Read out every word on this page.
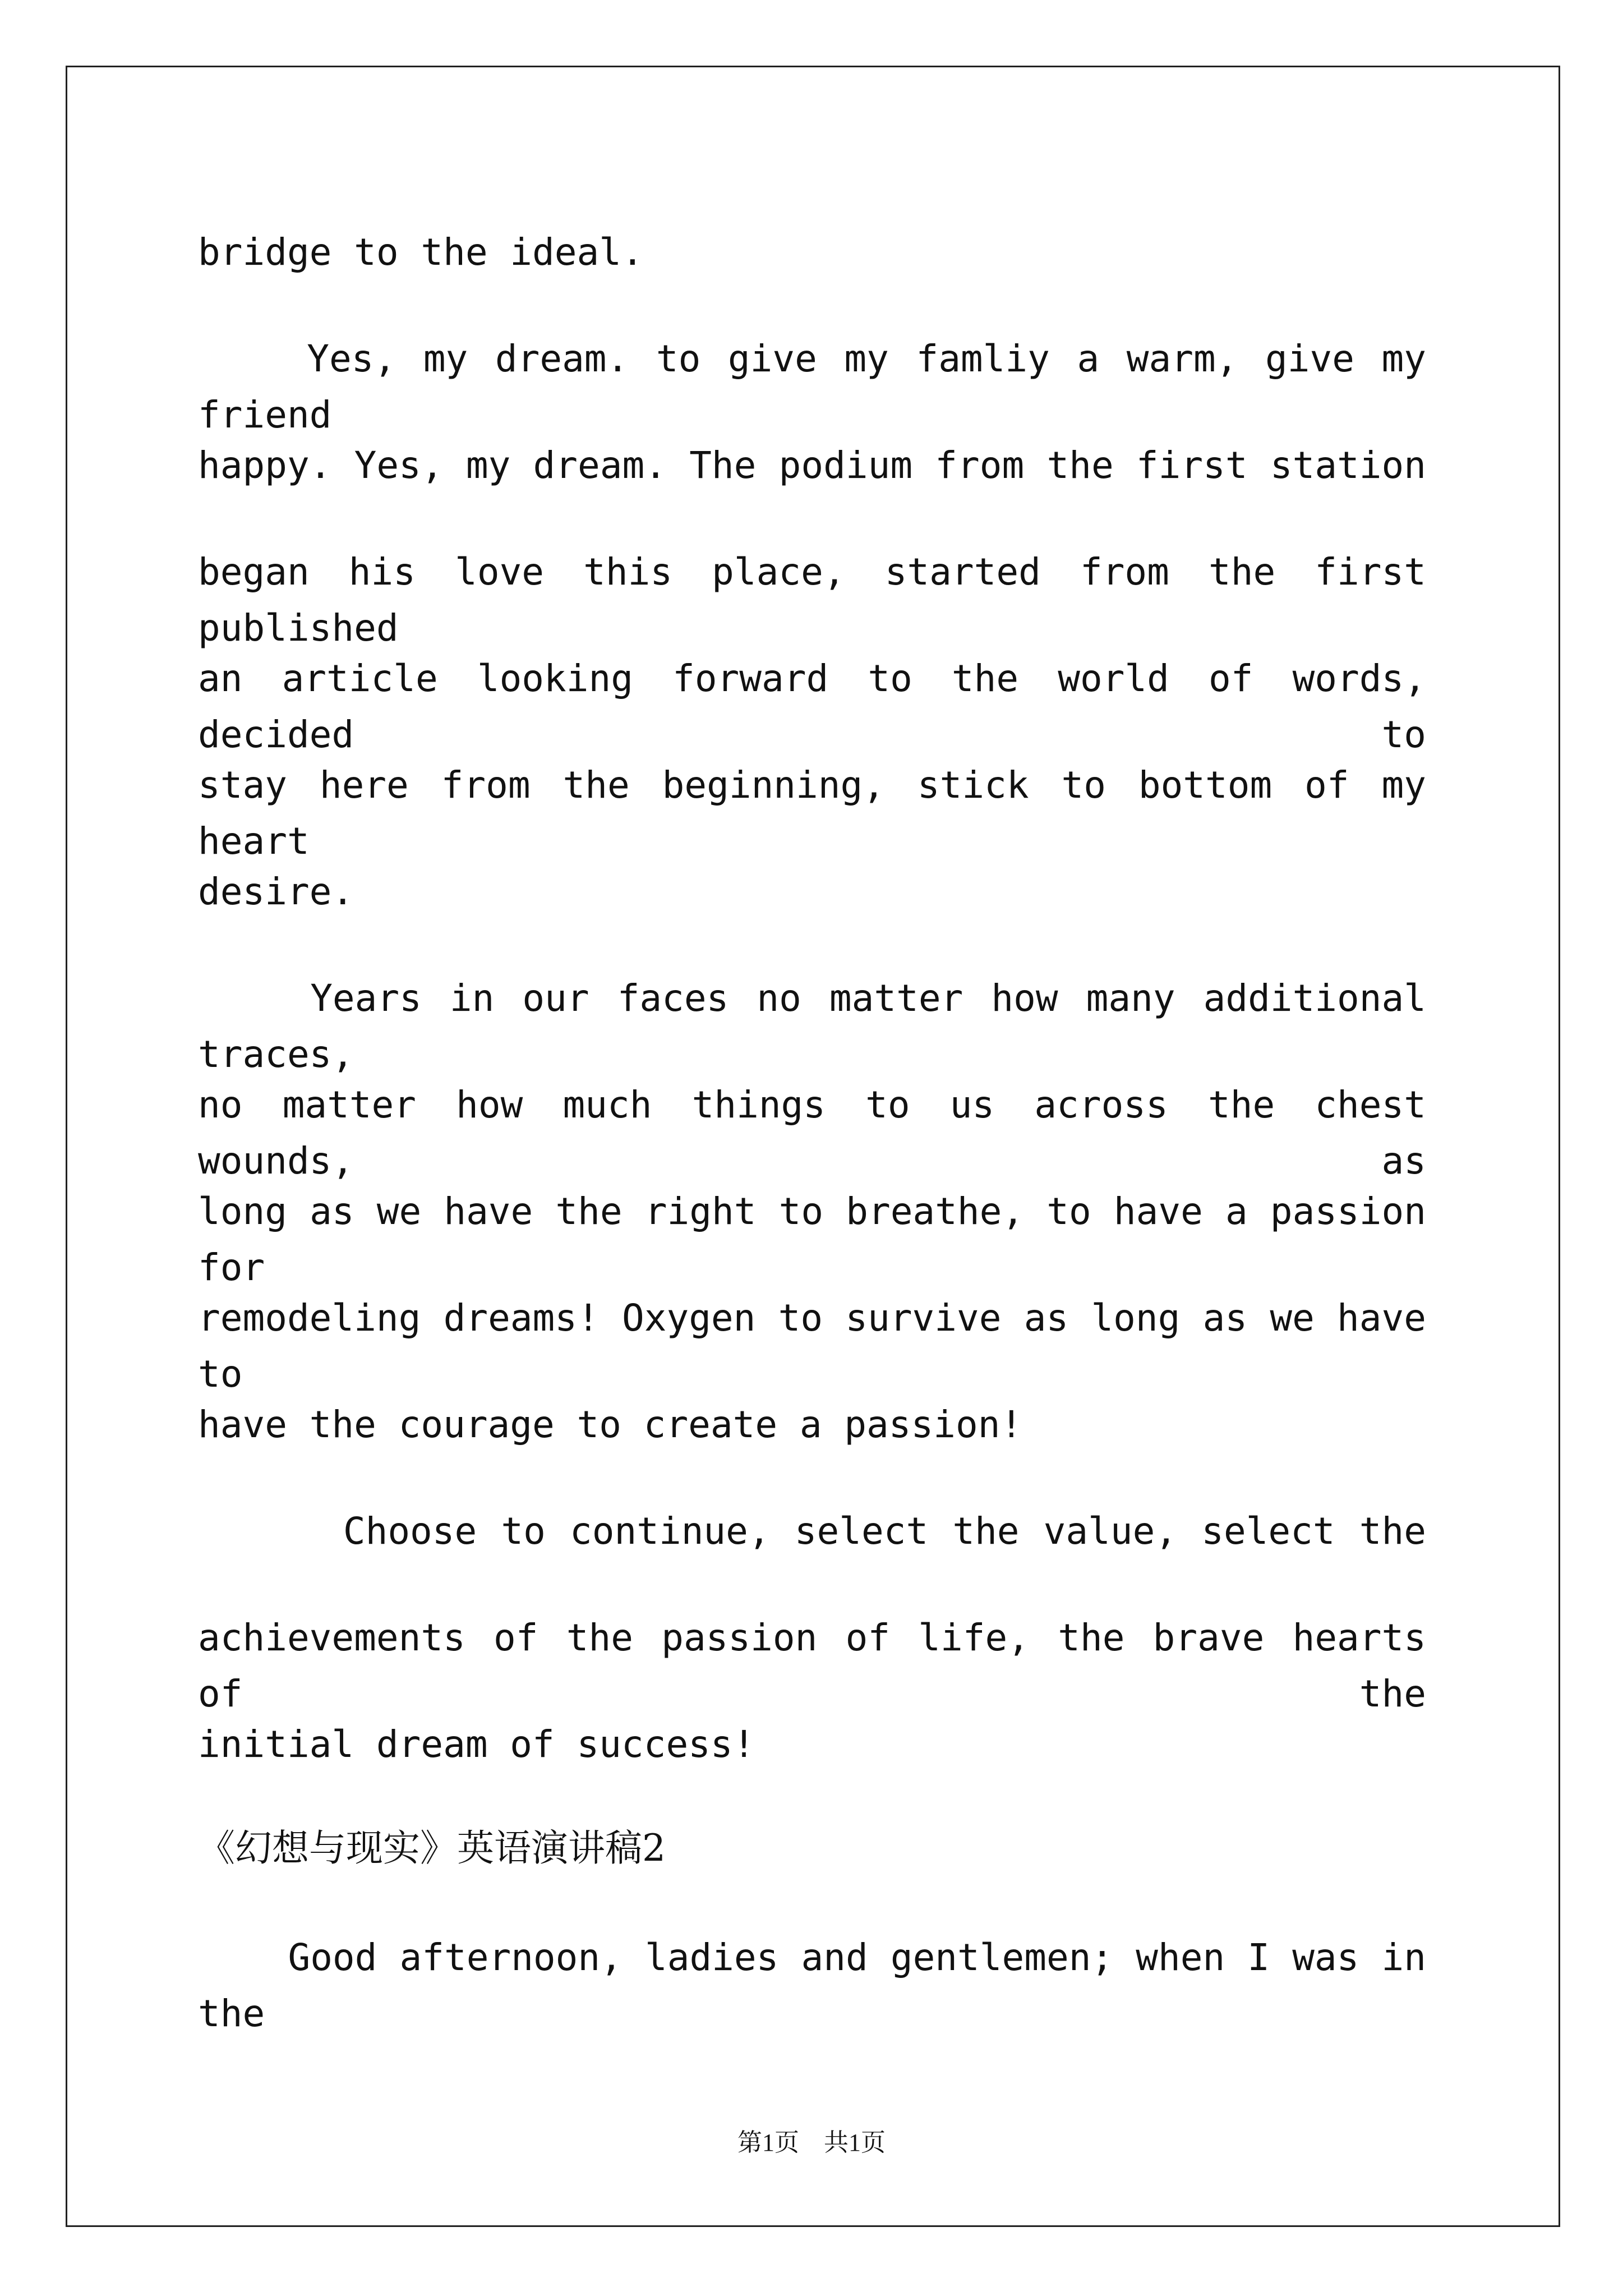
bridge to the ideal.
Yes, my dream. to give my famliy a warm, give my friend
happy. Yes, my dream. The podium from the first station
began his love this place, started from the first published
an article looking forward to the world of words, decided to
stay here from the beginning, stick to bottom of my heart
desire.
Years in our faces no matter how many additional traces,
no matter how much things to us across the chest wounds, as
long as we have the right to breathe, to have a passion for
remodeling dreams! Oxygen to survive as long as we have to
have the courage to create a passion!
Choose to continue, select the value, select the
achievements of the passion of life, the brave hearts of the
initial dream of success!
《幻想与现实》英语演讲稿2
Good afternoon, ladies and gentlemen; when I was in the
第1页　共1页
